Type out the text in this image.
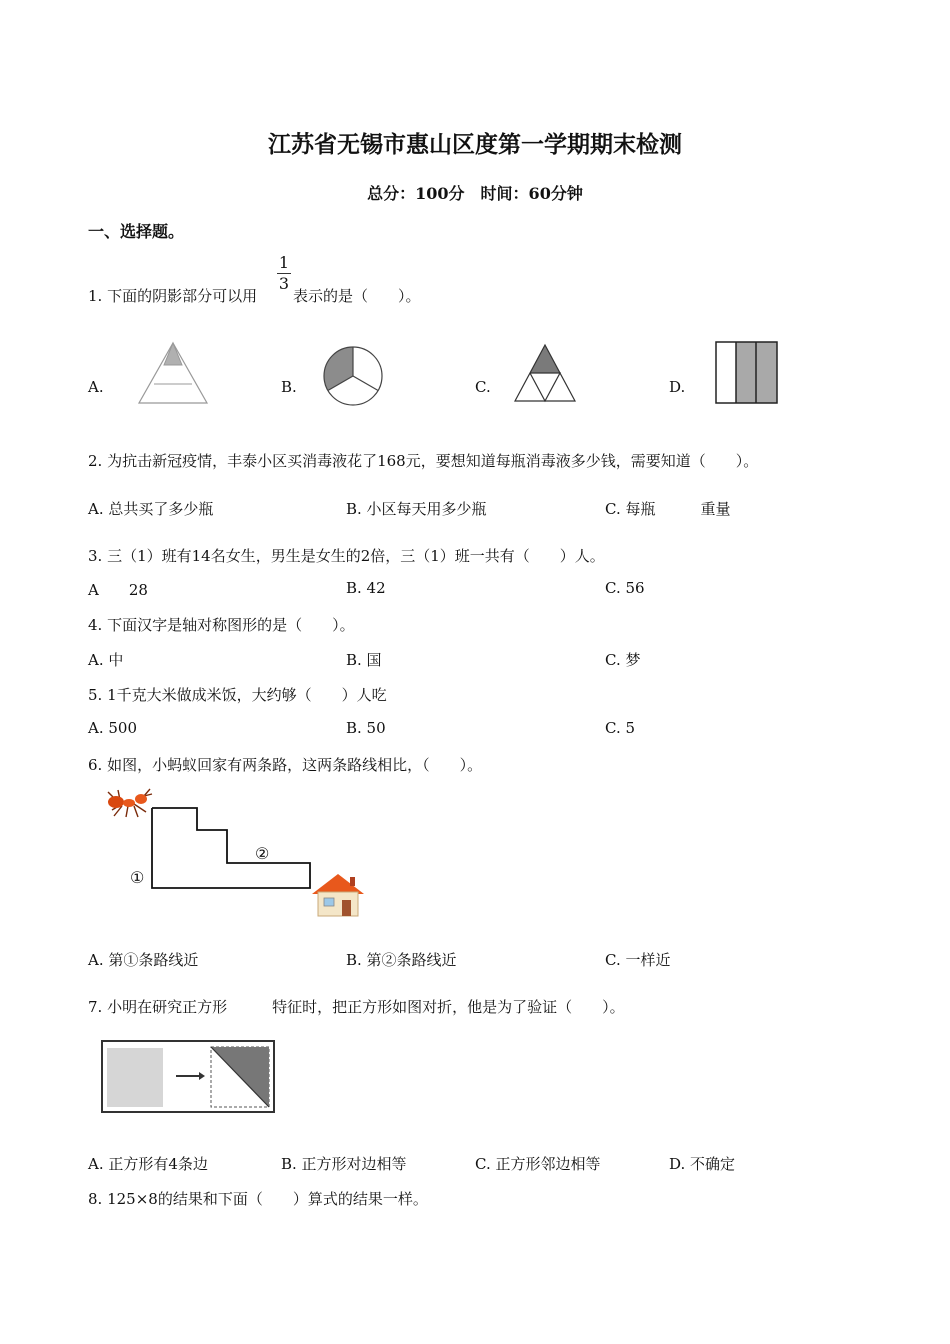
江苏省无锡市惠山区度第一学期期末检测
总分：100分　时间：60分钟
一、选择题。
1. 下面的阴影部分可以用
1
3
表示的是（　　）。
A.	B.	C.	D.
2. 为抗击新冠疫情，丰泰小区买消毒液花了168元，要想知道每瓶消毒液多少钱，需要知道（　　）。
A. 总共买了多少瓶	B. 小区每天用多少瓶	C. 每瓶　　　重量
3. 三（1）班有14名女生，男生是女生的2倍，三（1）班一共有（　　）人。
A　　28	B. 42	C. 56
4. 下面汉字是轴对称图形的是（　　）。
A. 中	B. 国	C. 梦
5. 1千克大米做成米饭，大约够（　　）人吃
A. 500	B. 50	C. 5
6. 如图，小蚂蚁回家有两条路，这两条路线相比，（　　）。
①
②
A. 第①条路线近	B. 第②条路线近	C. 一样近
7. 小明在研究正方形　　　特征时，把正方形如图对折，他是为了验证（　　）。
A. 正方形有4条边	B. 正方形对边相等	C. 正方形邻边相等	D. 不确定
8. 125×8的结果和下面（　　）算式的结果一样。
